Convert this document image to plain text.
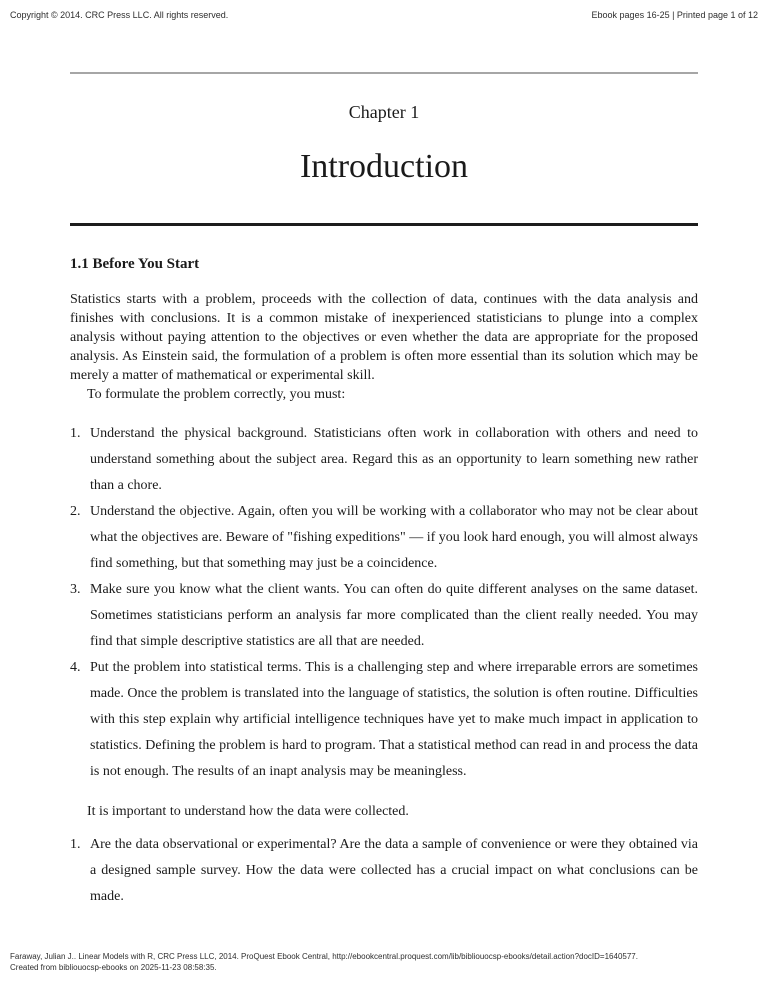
Copyright © 2014. CRC Press LLC. All rights reserved.	Ebook pages 16-25 | Printed page 1 of 12
Chapter 1
Introduction
1.1 Before You Start
Statistics starts with a problem, proceeds with the collection of data, continues with the data analysis and finishes with conclusions. It is a common mistake of inexperienced statisticians to plunge into a complex analysis without paying attention to the objectives or even whether the data are appropriate for the proposed analysis. As Einstein said, the formulation of a problem is often more essential than its solution which may be merely a matter of mathematical or experimental skill.
To formulate the problem correctly, you must:
1. Understand the physical background. Statisticians often work in collaboration with others and need to understand something about the subject area. Regard this as an opportunity to learn something new rather than a chore.
2. Understand the objective. Again, often you will be working with a collaborator who may not be clear about what the objectives are. Beware of "fishing expeditions" — if you look hard enough, you will almost always find something, but that something may just be a coincidence.
3. Make sure you know what the client wants. You can often do quite different analyses on the same dataset. Sometimes statisticians perform an analysis far more complicated than the client really needed. You may find that simple descriptive statistics are all that are needed.
4. Put the problem into statistical terms. This is a challenging step and where irreparable errors are sometimes made. Once the problem is translated into the language of statistics, the solution is often routine. Difficulties with this step explain why artificial intelligence techniques have yet to make much impact in application to statistics. Defining the problem is hard to program. That a statistical method can read in and process the data is not enough. The results of an inapt analysis may be meaningless.
It is important to understand how the data were collected.
1. Are the data observational or experimental? Are the data a sample of convenience or were they obtained via a designed sample survey. How the data were collected has a crucial impact on what conclusions can be made.
Faraway, Julian J.. Linear Models with R, CRC Press LLC, 2014. ProQuest Ebook Central, http://ebookcentral.proquest.com/lib/bibliouocsp-ebooks/detail.action?docID=1640577.
Created from bibliouocsp-ebooks on 2025-11-23 08:58:35.
